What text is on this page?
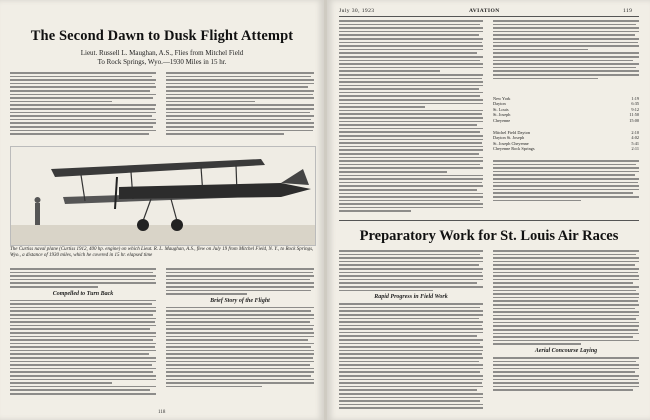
The Second Dawn to Dusk Flight Attempt
Lieut. Russell L. Maughan, A.S., Flies from Mitchel Field
To Rock Springs, Wyo.—1930 Miles in 15 hr.
The Curtiss naval plane (Curtiss 1912, 400 hp. engine) on which Lieut. R. L. Maughan, A.S., flew on July 19 from Mitchel Field, N. Y., to Rock Springs, Wyo., a distance of 1930 miles, which he covered in 15 hr. elapsed time
Compelled to Turn Back
Brief Story of the Flight
118
July 30, 1923	AVIATION	119
New York	1:19
Dayton	6:35
St. Louis	9:12
St. Joseph	11:50
Cheyenne	15:00
Mitchel Field Dayton	2:10
Dayton St. Joseph	4:02
St. Joseph Cheyenne	5:41
Cheyenne Rock Springs	2:11
Preparatory Work for St. Louis Air Races
Rapid Progress in Field Work
Aerial Concourse Laying
